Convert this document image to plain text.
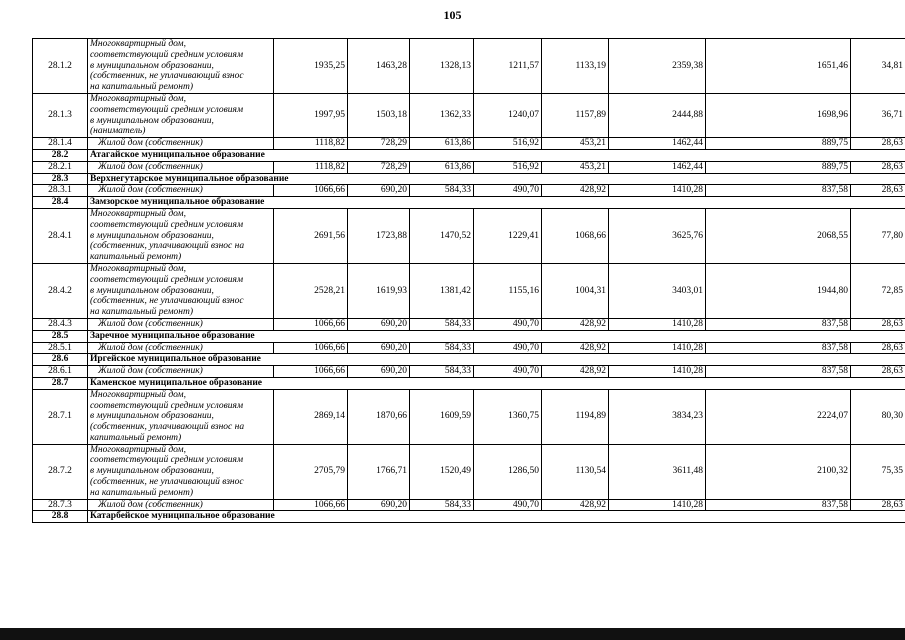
105
28.1.2	Многоквартирный дом,
соответствующий средним условиям
в муниципальном образовании,
(собственник, не уплачивающий взнос
на капитальный ремонт)	1935,25	1463,28	1328,13	1211,57	1133,19	2359,38	1651,46	34,81
28.1.3	Многоквартирный дом,
соответствующий средним условиям
в муниципальном образовании,
(наниматель)	1997,95	1503,18	1362,33	1240,07	1157,89	2444,88	1698,96	36,71
28.1.4	Жилой дом (собственник)	1118,82	728,29	613,86	516,92	453,21	1462,44	889,75	28,63
28.2	Атагайское муниципальное образование								
28.2.1	Жилой дом (собственник)	1118,82	728,29	613,86	516,92	453,21	1462,44	889,75	28,63
28.3	Верхнегутарское муниципальное образование								
28.3.1	Жилой дом (собственник)	1066,66	690,20	584,33	490,70	428,92	1410,28	837,58	28,63
28.4	Замзорское муниципальное образование								
28.4.1	Многоквартирный дом,
соответствующий средним условиям
в муниципальном образовании,
(собственник, уплачивающий взнос на
капитальный ремонт)	2691,56	1723,88	1470,52	1229,41	1068,66	3625,76	2068,55	77,80
28.4.2	Многоквартирный дом,
соответствующий средним условиям
в муниципальном образовании,
(собственник, не уплачивающий взнос
на капитальный ремонт)	2528,21	1619,93	1381,42	1155,16	1004,31	3403,01	1944,80	72,85
28.4.3	Жилой дом (собственник)	1066,66	690,20	584,33	490,70	428,92	1410,28	837,58	28,63
28.5	Заречное муниципальное образование								
28.5.1	Жилой дом (собственник)	1066,66	690,20	584,33	490,70	428,92	1410,28	837,58	28,63
28.6	Иргейское муниципальное образование								
28.6.1	Жилой дом (собственник)	1066,66	690,20	584,33	490,70	428,92	1410,28	837,58	28,63
28.7	Каменское муниципальное образование								
28.7.1	Многоквартирный дом,
соответствующий средним условиям
в муниципальном образовании,
(собственник, уплачивающий взнос на
капитальный ремонт)	2869,14	1870,66	1609,59	1360,75	1194,89	3834,23	2224,07	80,30
28.7.2	Многоквартирный дом,
соответствующий средним условиям
в муниципальном образовании,
(собственник, не уплачивающий взнос
на капитальный ремонт)	2705,79	1766,71	1520,49	1286,50	1130,54	3611,48	2100,32	75,35
28.7.3	Жилой дом (собственник)	1066,66	690,20	584,33	490,70	428,92	1410,28	837,58	28,63
28.8	Катарбейское муниципальное образование								
